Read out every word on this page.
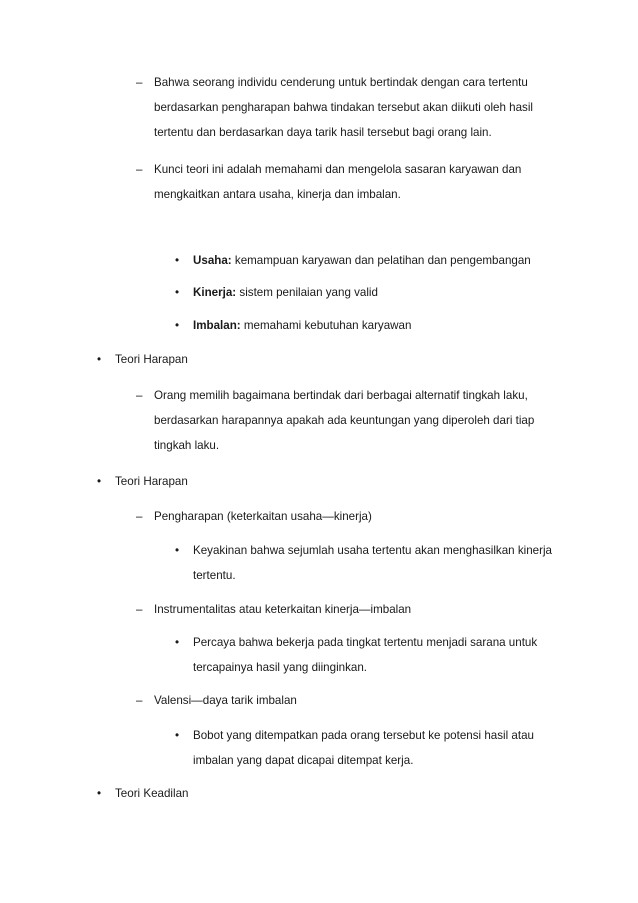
– Bahwa seorang individu cenderung untuk bertindak dengan cara tertentu
berdasarkan pengharapan bahwa tindakan tersebut akan diikuti oleh hasil
tertentu dan berdasarkan daya tarik hasil tersebut bagi orang lain.
– Kunci teori ini adalah memahami dan mengelola sasaran karyawan dan
mengkaitkan antara usaha, kinerja dan imbalan.
• Usaha: kemampuan karyawan dan pelatihan dan pengembangan
• Kinerja: sistem penilaian yang valid
• Imbalan: memahami kebutuhan karyawan
• Teori Harapan
– Orang memilih bagaimana bertindak dari berbagai alternatif tingkah laku,
berdasarkan harapannya apakah ada keuntungan yang diperoleh dari tiap
tingkah laku.
• Teori Harapan
– Pengharapan (keterkaitan usaha—kinerja)
• Keyakinan bahwa sejumlah usaha tertentu akan menghasilkan kinerja
tertentu.
– Instrumentalitas atau keterkaitan kinerja—imbalan
• Percaya bahwa bekerja pada tingkat tertentu menjadi sarana untuk
tercapainya hasil yang diinginkan.
– Valensi—daya tarik imbalan
• Bobot yang ditempatkan pada orang tersebut ke potensi hasil atau
imbalan yang dapat dicapai ditempat kerja.
• Teori Keadilan
